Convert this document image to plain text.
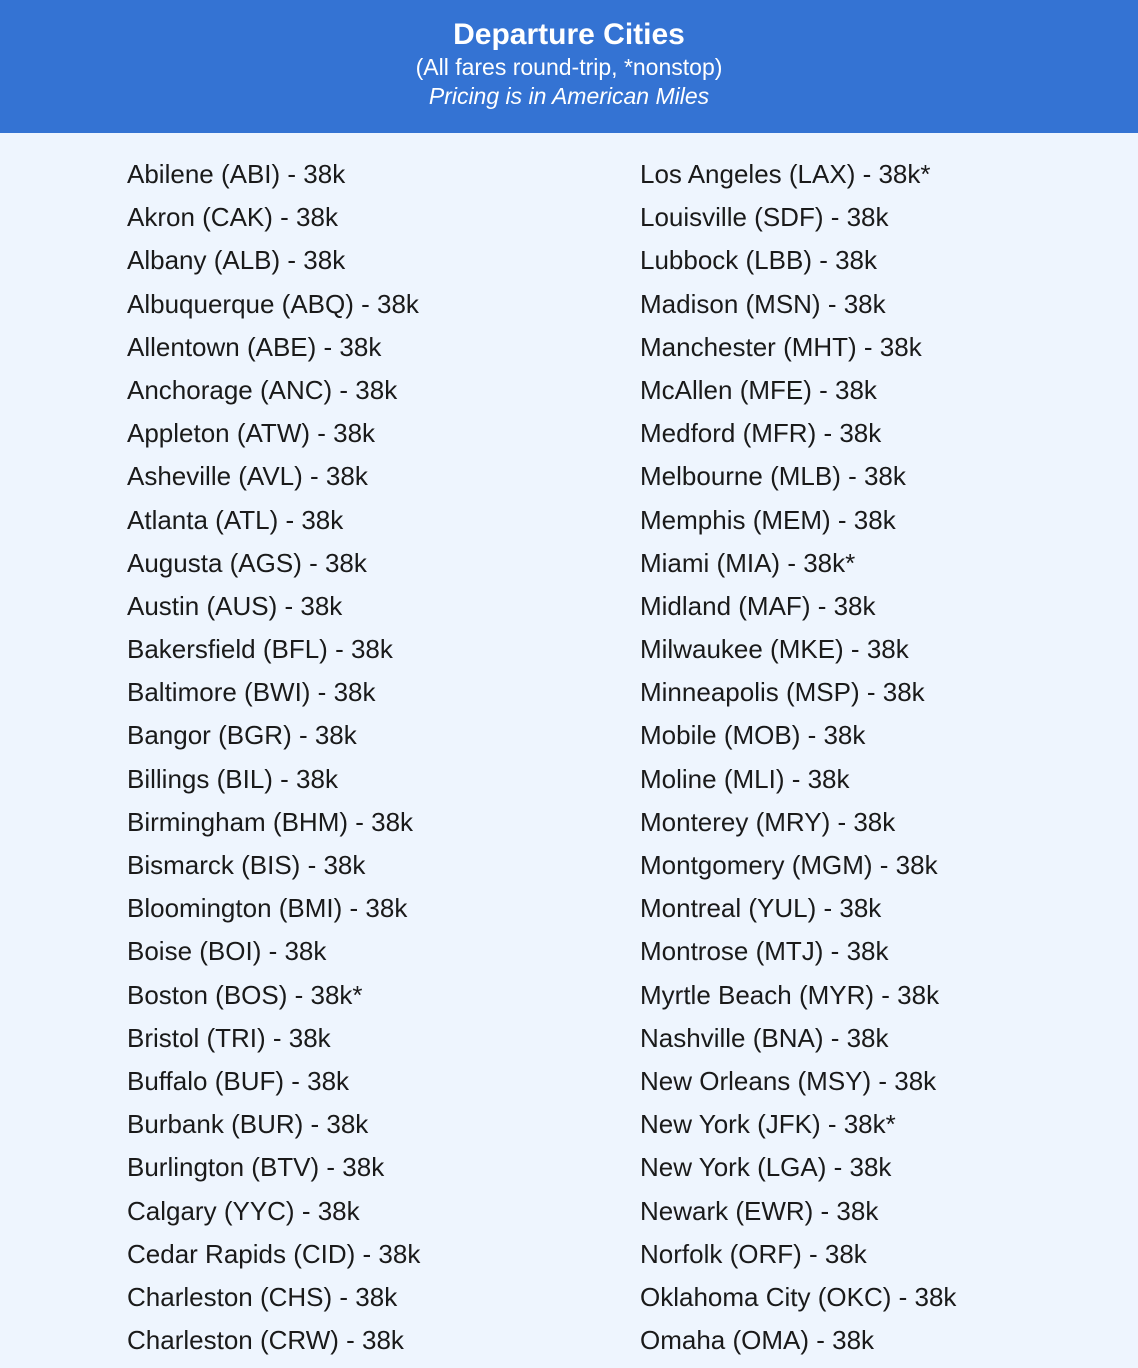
Departure Cities
(All fares round-trip, *nonstop)
Pricing is in American Miles
Abilene (ABI) - 38k
Akron (CAK) - 38k
Albany (ALB) - 38k
Albuquerque (ABQ) - 38k
Allentown (ABE) - 38k
Anchorage (ANC) - 38k
Appleton (ATW) - 38k
Asheville (AVL) - 38k
Atlanta (ATL) - 38k
Augusta (AGS) - 38k
Austin (AUS) - 38k
Bakersfield (BFL) - 38k
Baltimore (BWI) - 38k
Bangor (BGR) - 38k
Billings (BIL) - 38k
Birmingham (BHM) - 38k
Bismarck (BIS) - 38k
Bloomington (BMI) - 38k
Boise (BOI) - 38k
Boston (BOS) - 38k*
Bristol (TRI) - 38k
Buffalo (BUF) - 38k
Burbank (BUR) - 38k
Burlington (BTV) - 38k
Calgary (YYC) - 38k
Cedar Rapids (CID) - 38k
Charleston (CHS) - 38k
Charleston (CRW) - 38k
Los Angeles (LAX) - 38k*
Louisville (SDF) - 38k
Lubbock (LBB) - 38k
Madison (MSN) - 38k
Manchester (MHT) - 38k
McAllen (MFE) - 38k
Medford (MFR) - 38k
Melbourne (MLB) - 38k
Memphis (MEM) - 38k
Miami (MIA) - 38k*
Midland (MAF) - 38k
Milwaukee (MKE) - 38k
Minneapolis (MSP) - 38k
Mobile (MOB) - 38k
Moline (MLI) - 38k
Monterey (MRY) - 38k
Montgomery (MGM) - 38k
Montreal (YUL) - 38k
Montrose (MTJ) - 38k
Myrtle Beach (MYR) - 38k
Nashville (BNA) - 38k
New Orleans (MSY) - 38k
New York (JFK) - 38k*
New York (LGA) - 38k
Newark (EWR) - 38k
Norfolk (ORF) - 38k
Oklahoma City (OKC) - 38k
Omaha (OMA) - 38k
